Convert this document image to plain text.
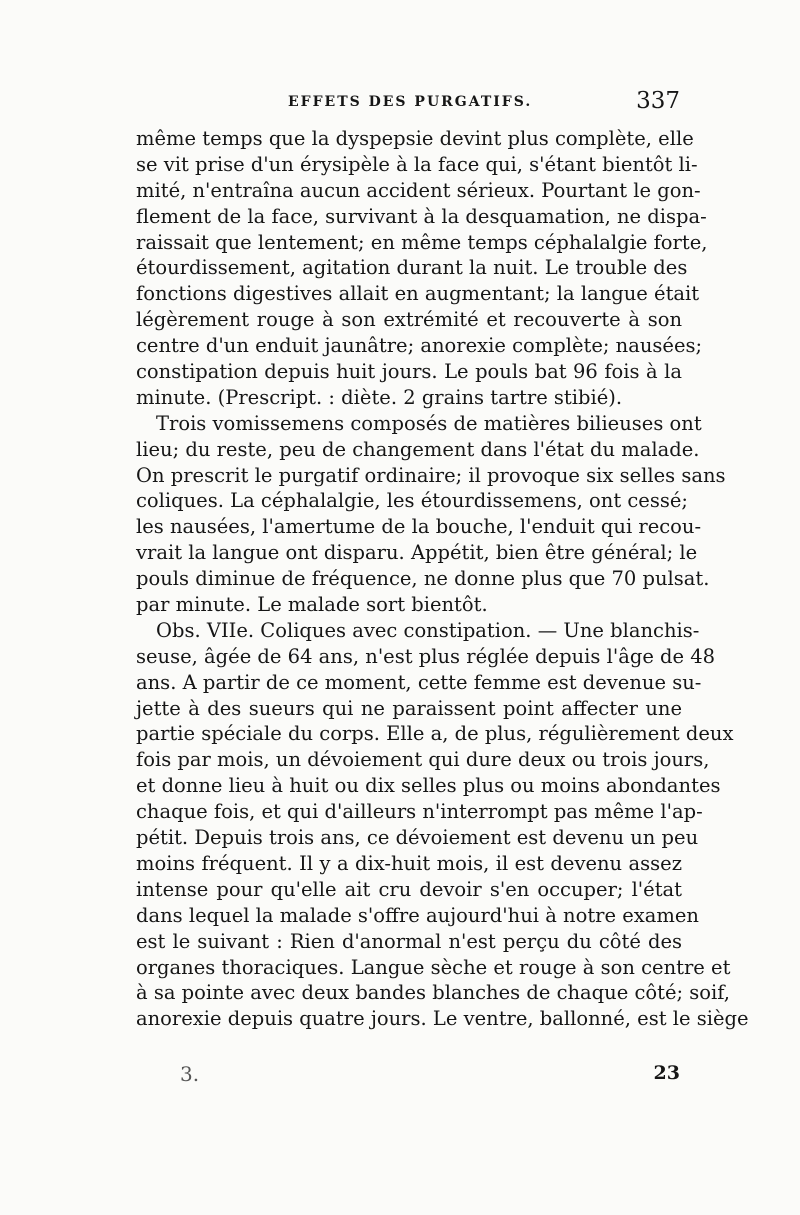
EFFETS DES PURGATIFS.	337
même temps que la dyspepsie devint plus complète, elle
se vit prise d'un érysipèle à la face qui, s'étant bientôt li-
mité, n'entraîna aucun accident sérieux. Pourtant le gon-
flement de la face, survivant à la desquamation, ne dispa-
raissait que lentement; en même temps céphalalgie forte,
étourdissement, agitation durant la nuit. Le trouble des
fonctions digestives allait en augmentant; la langue était
légèrement rouge à son extrémité et recouverte à son
centre d'un enduit jaunâtre; anorexie complète; nausées;
constipation depuis huit jours. Le pouls bat 96 fois à la
minute. (Prescript. : diète. 2 grains tartre stibié).
Trois vomissemens composés de matières bilieuses ont
lieu; du reste, peu de changement dans l'état du malade.
On prescrit le purgatif ordinaire; il provoque six selles sans
coliques. La céphalalgie, les étourdissemens, ont cessé;
les nausées, l'amertume de la bouche, l'enduit qui recou-
vrait la langue ont disparu. Appétit, bien être général; le
pouls diminue de fréquence, ne donne plus que 70 pulsat.
par minute. Le malade sort bientôt.
Obs. VIIe. Coliques avec constipation. — Une blanchis-
seuse, âgée de 64 ans, n'est plus réglée depuis l'âge de 48
ans. A partir de ce moment, cette femme est devenue su-
jette à des sueurs qui ne paraissent point affecter une
partie spéciale du corps. Elle a, de plus, régulièrement deux
fois par mois, un dévoiement qui dure deux ou trois jours,
et donne lieu à huit ou dix selles plus ou moins abondantes
chaque fois, et qui d'ailleurs n'interrompt pas même l'ap-
pétit. Depuis trois ans, ce dévoiement est devenu un peu
moins fréquent. Il y a dix-huit mois, il est devenu assez
intense pour qu'elle ait cru devoir s'en occuper; l'état
dans lequel la malade s'offre aujourd'hui à notre examen
est le suivant : Rien d'anormal n'est perçu du côté des
organes thoraciques. Langue sèche et rouge à son centre et
à sa pointe avec deux bandes blanches de chaque côté; soif,
anorexie depuis quatre jours. Le ventre, ballonné, est le siège
3.	23
